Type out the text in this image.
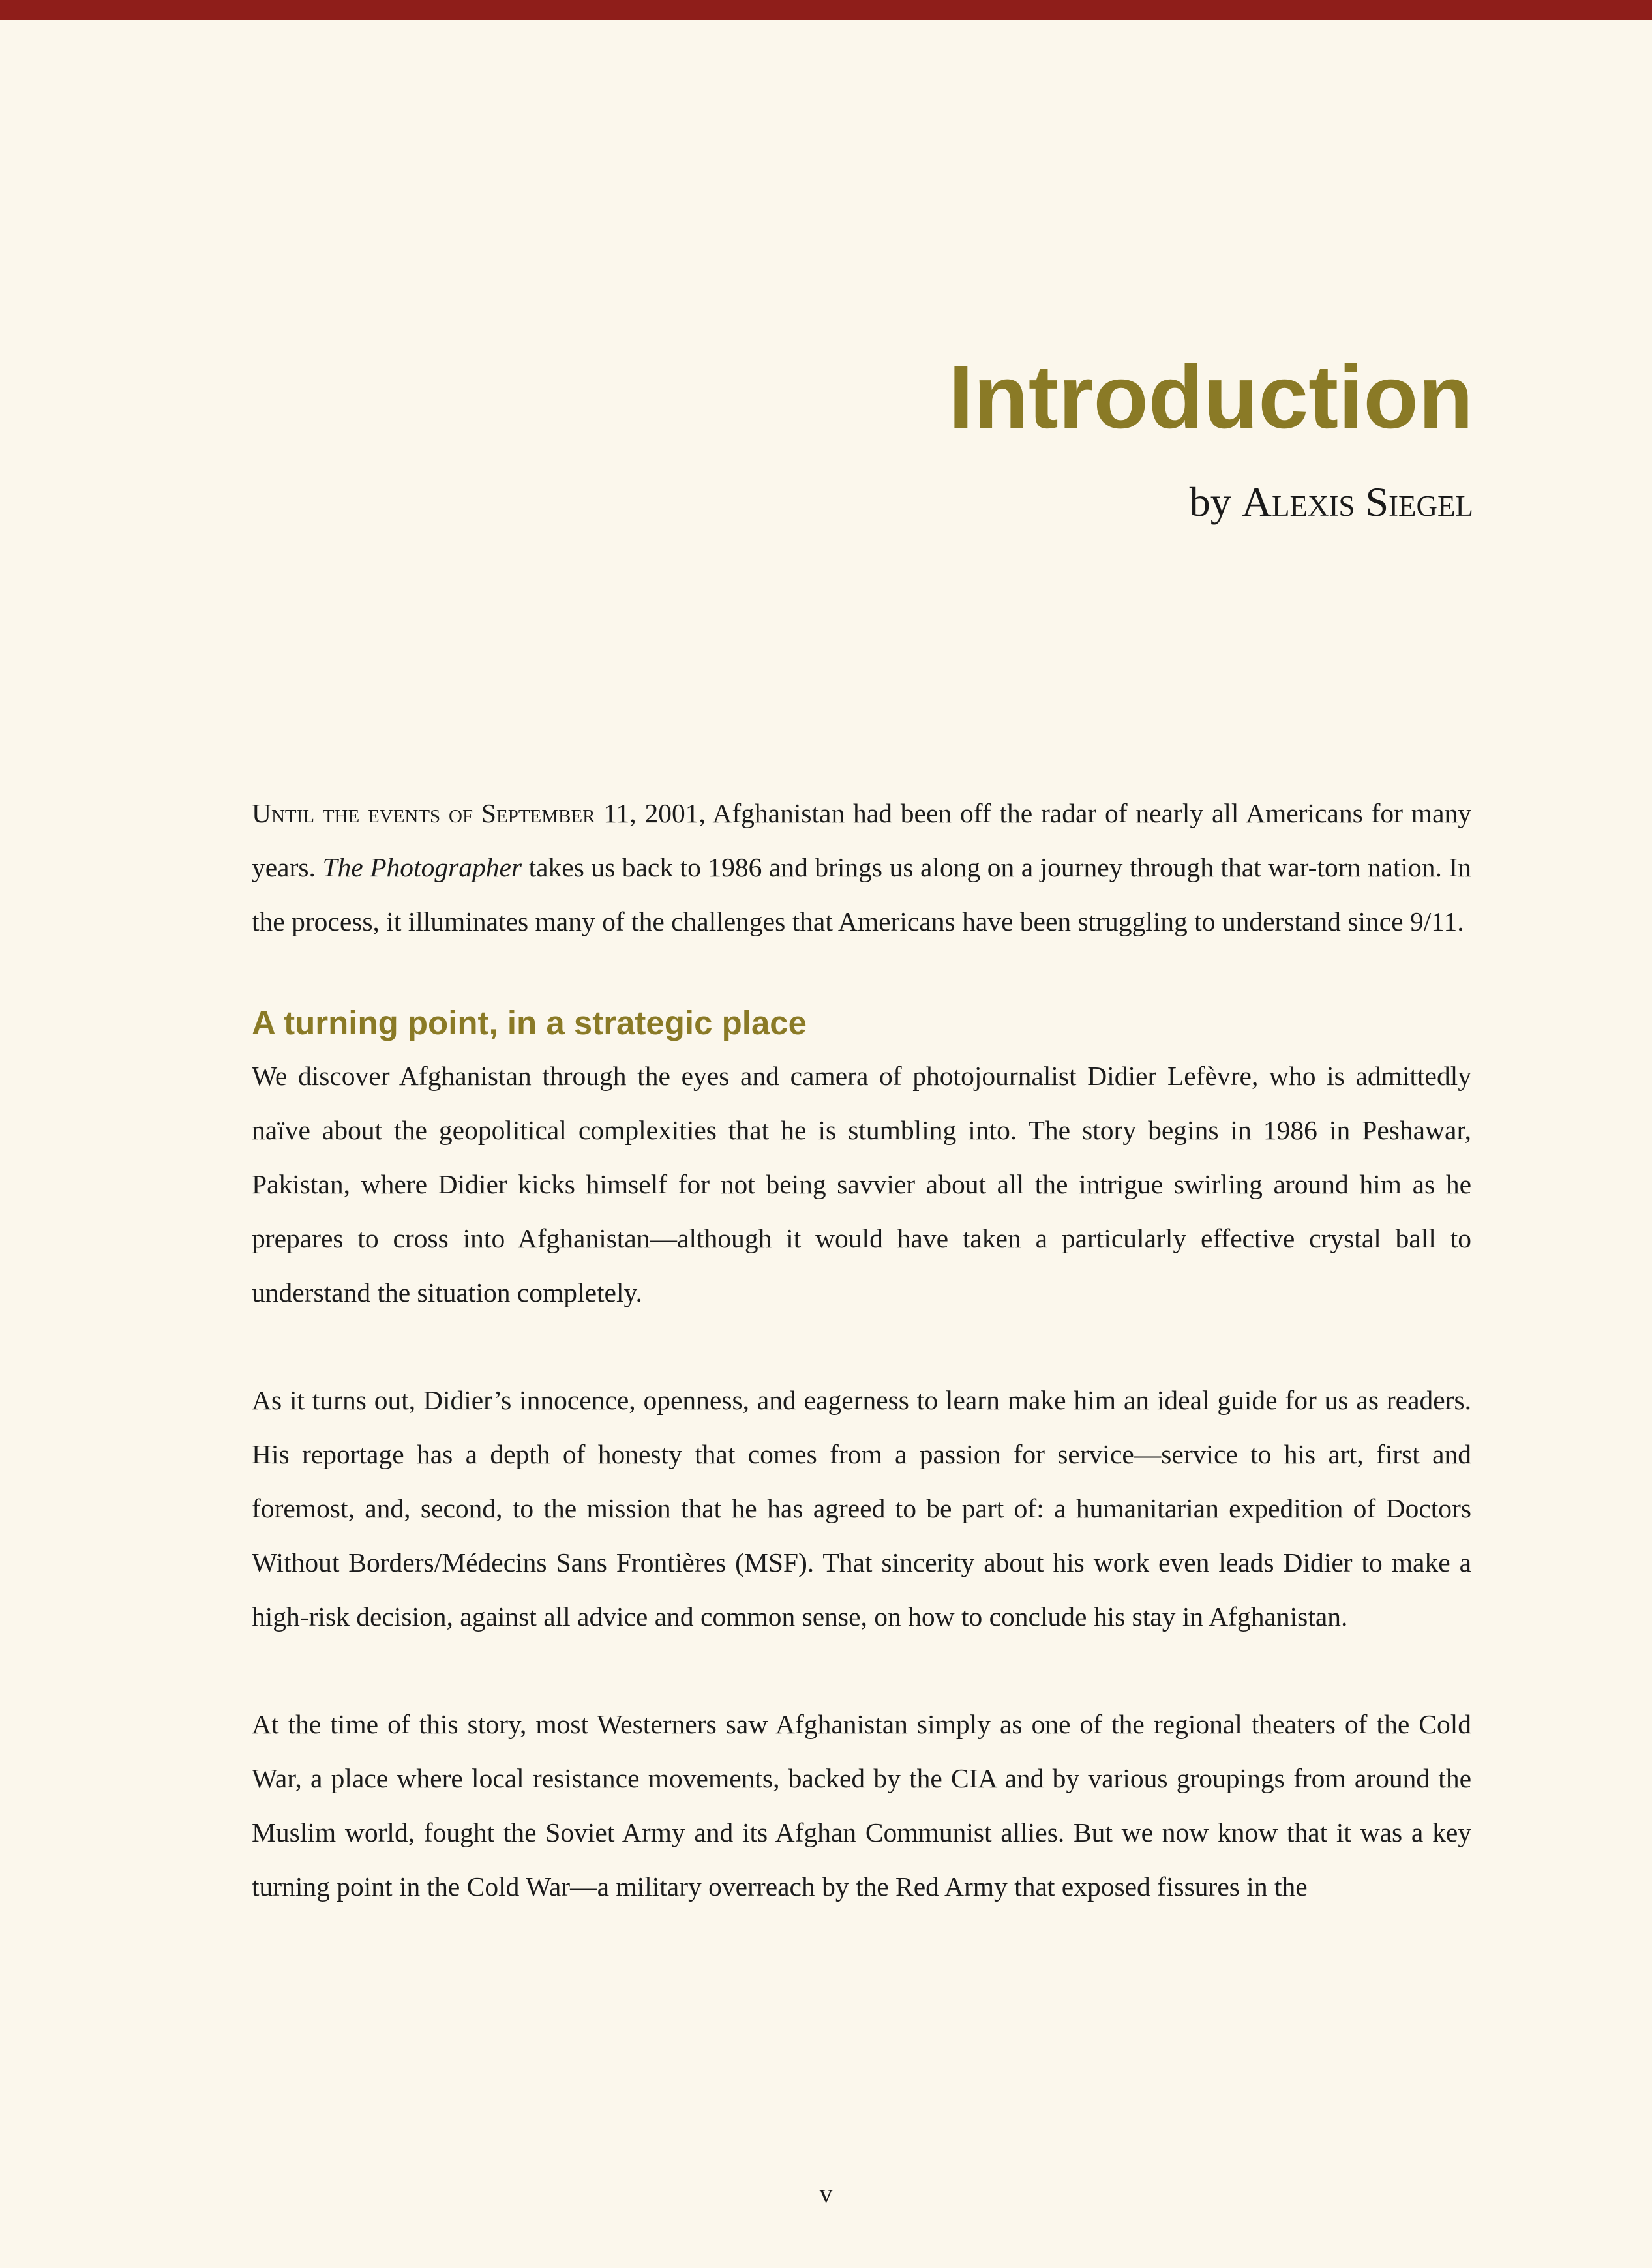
Introduction
by Alexis Siegel

Until the events of September 11, 2001, Afghanistan had been off the radar of nearly all Americans for many years. The Photographer takes us back to 1986 and brings us along on a journey through that war-torn nation. In the process, it illuminates many of the challenges that Americans have been struggling to understand since 9/11.

A turning point, in a strategic place

We discover Afghanistan through the eyes and camera of photojournalist Didier Lefèvre, who is admittedly naïve about the geopolitical complexities that he is stumbling into. The story begins in 1986 in Peshawar, Pakistan, where Didier kicks himself for not being savvier about all the intrigue swirling around him as he prepares to cross into Afghanistan—although it would have taken a particularly effective crystal ball to understand the situation completely.

As it turns out, Didier’s innocence, openness, and eagerness to learn make him an ideal guide for us as readers. His reportage has a depth of honesty that comes from a passion for service—service to his art, first and foremost, and, second, to the mission that he has agreed to be part of: a humanitarian expedition of Doctors Without Borders/Médecins Sans Frontières (MSF). That sincerity about his work even leads Didier to make a high-risk decision, against all advice and common sense, on how to conclude his stay in Afghanistan.

At the time of this story, most Westerners saw Afghanistan simply as one of the regional theaters of the Cold War, a place where local resistance movements, backed by the CIA and by various groupings from around the Muslim world, fought the Soviet Army and its Afghan Communist allies. But we now know that it was a key turning point in the Cold War—a military overreach by the Red Army that exposed fissures in the

v
